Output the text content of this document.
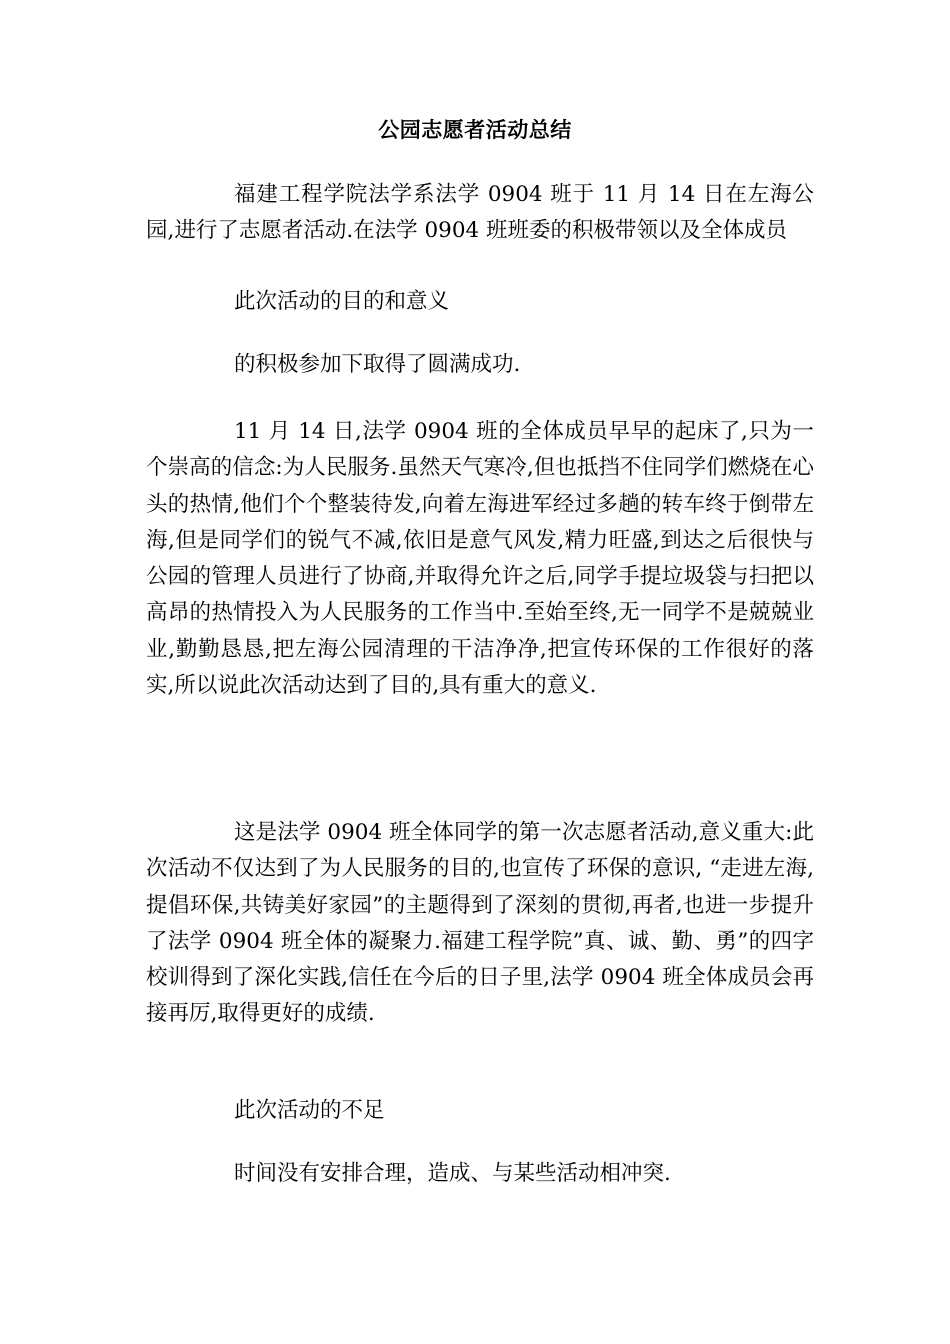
公园志愿者活动总结

福建工程学院法学系法学 0904 班于 11 月 14 日在左海公园,进行了志愿者活动.在法学 0904 班班委的积极带领以及全体成员

此次活动的目的和意义

的积极参加下取得了圆满成功.

11 月 14 日,法学 0904 班的全体成员早早的起床了,只为一个崇高的信念:为人民服务.虽然天气寒冷,但也抵挡不住同学们燃烧在心头的热情,他们个个整装待发,向着左海进军经过多趟的转车终于倒带左海,但是同学们的锐气不减,依旧是意气风发,精力旺盛,到达之后很快与公园的管理人员进行了协商,并取得允许之后,同学手提垃圾袋与扫把以高昂的热情投入为人民服务的工作当中.至始至终,无一同学不是兢兢业业,勤勤恳恳,把左海公园清理的干洁净净,把宣传环保的工作很好的落实,所以说此次活动达到了目的,具有重大的意义.

这是法学 0904 班全体同学的第一次志愿者活动,意义重大:此次活动不仅达到了为人民服务的目的,也宣传了环保的意识, “走进左海,提倡环保,共铸美好家园”的主题得到了深刻的贯彻,再者,也进一步提升了法学 0904 班全体的凝聚力.福建工程学院”真、诚、勤、勇”的四字校训得到了深化实践,信任在今后的日子里,法学 0904 班全体成员会再接再厉,取得更好的成绩.

此次活动的不足

时间没有安排合理，造成、与某些活动相冲突.
